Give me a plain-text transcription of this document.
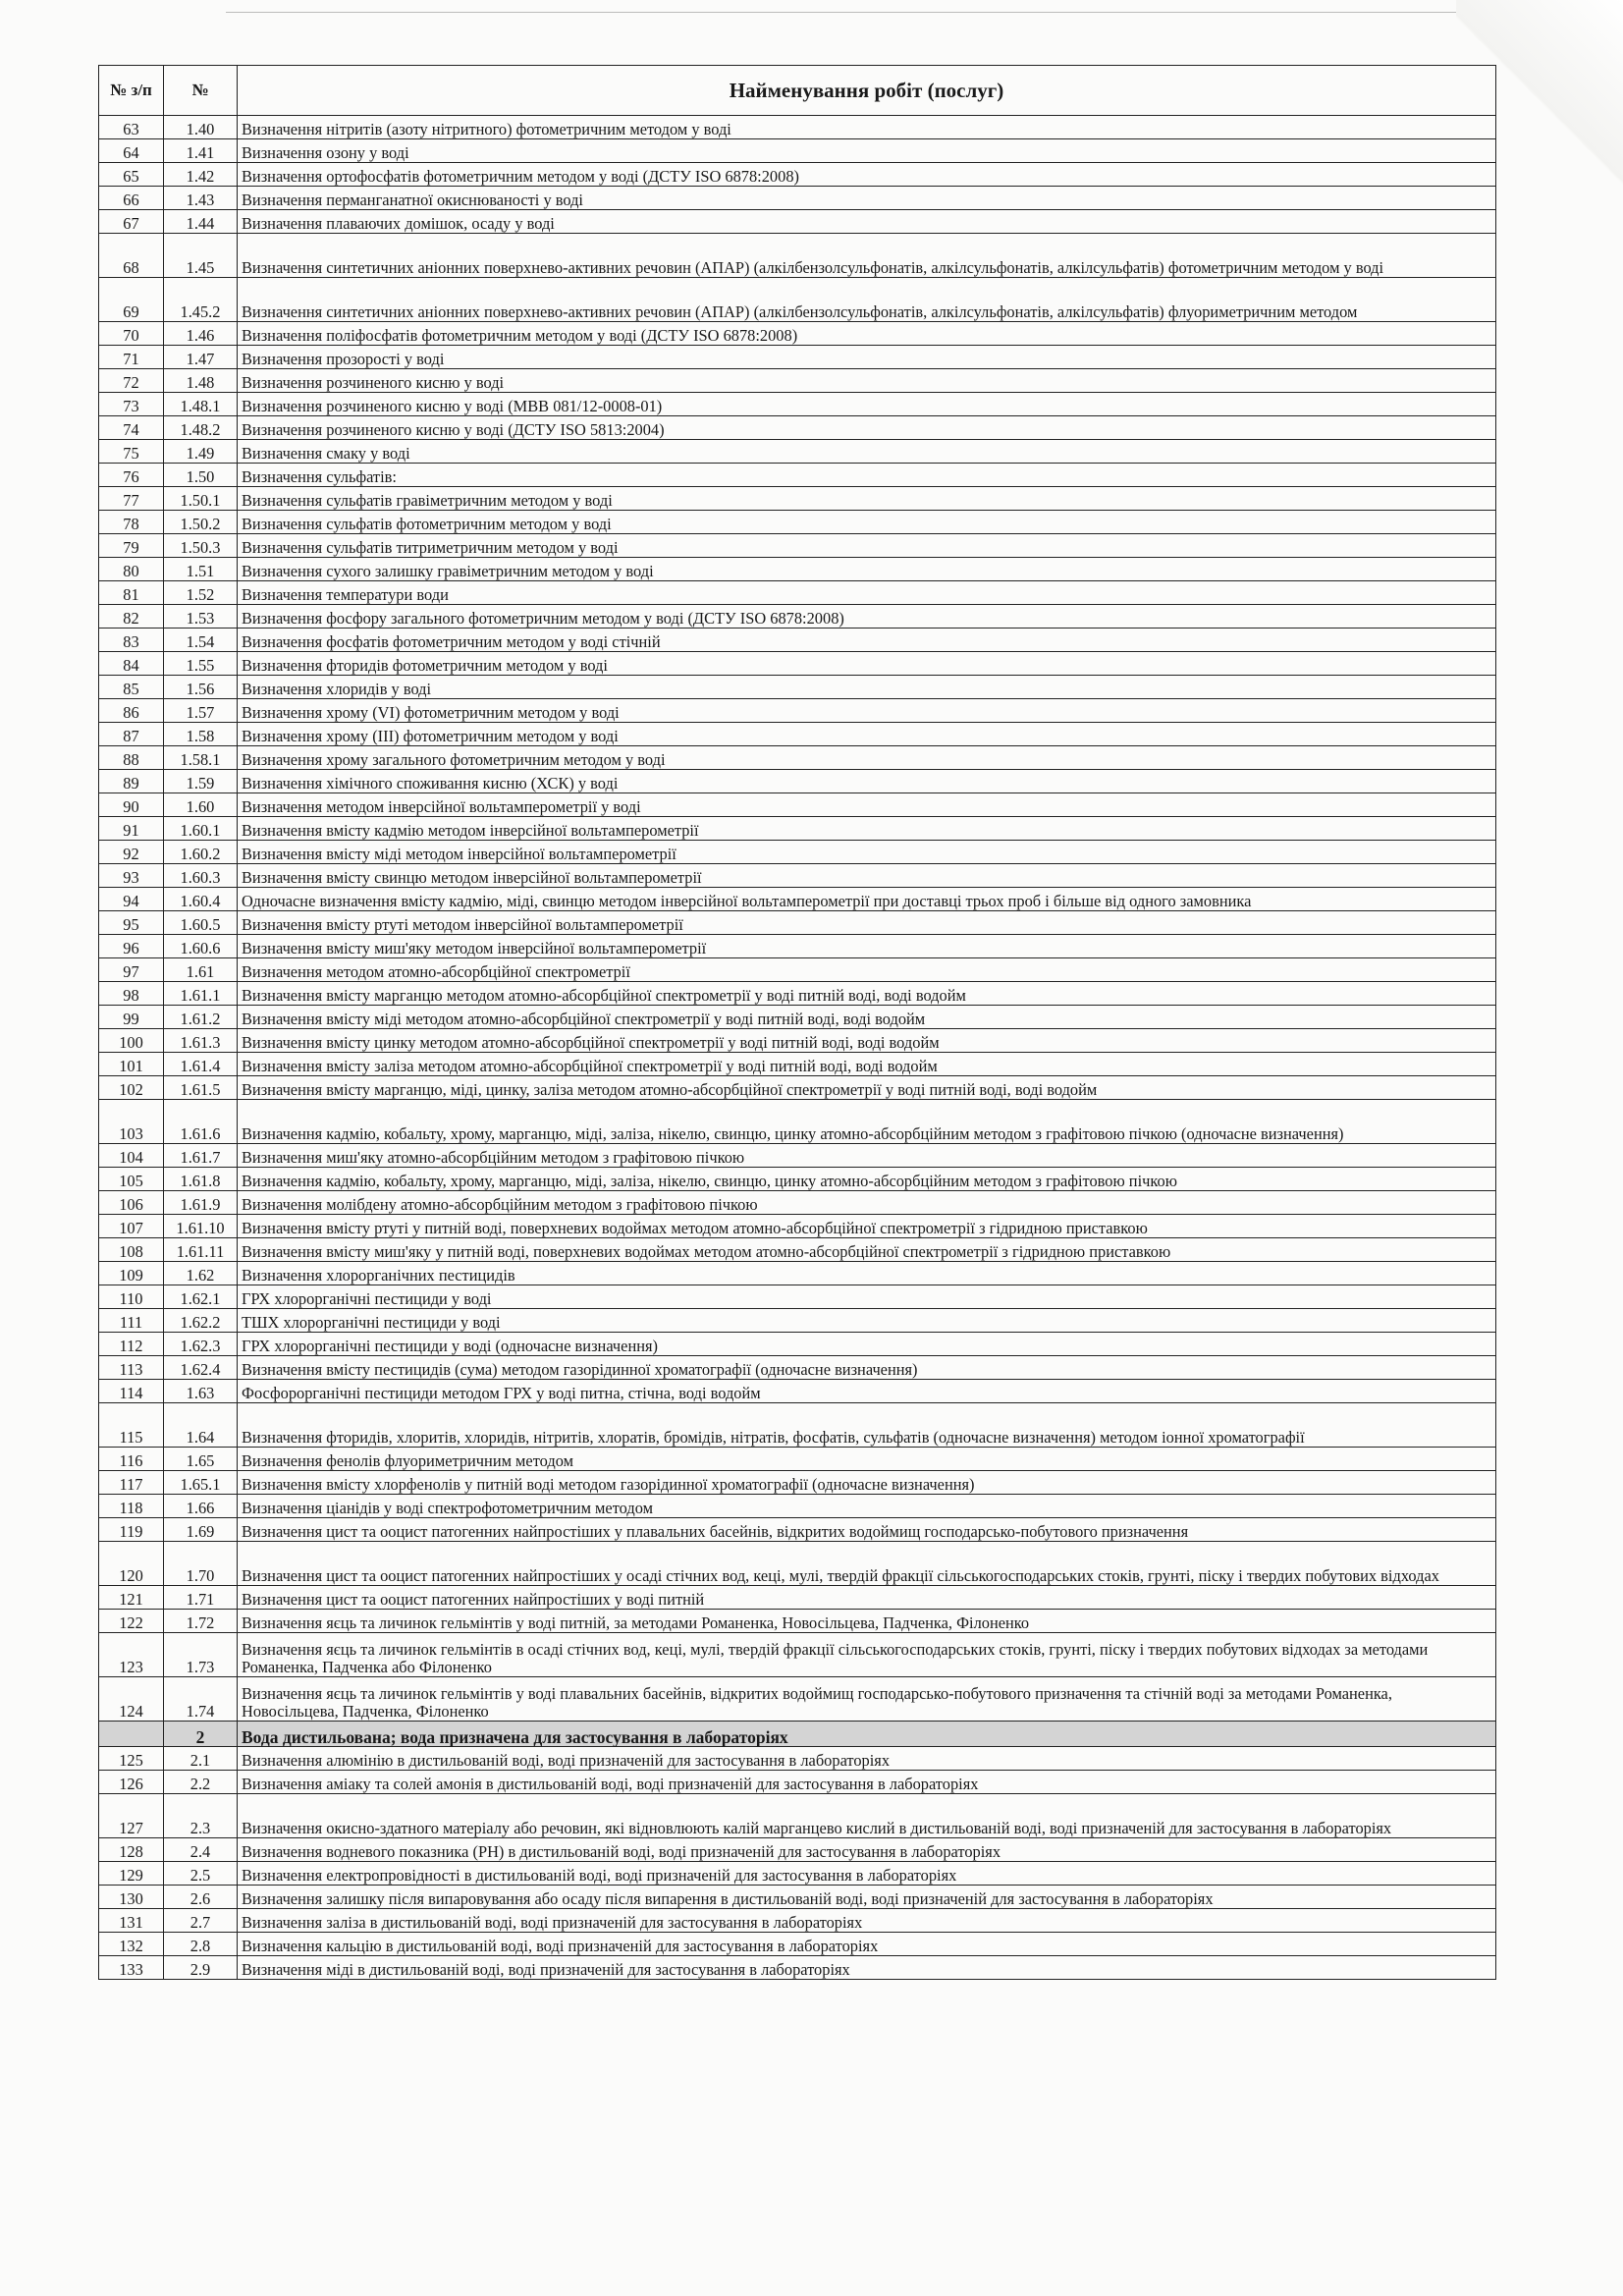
№ з/п	№	Найменування робіт (послуг)
63	1.40	Визначення нітритів (азоту нітритного) фотометричним методом у воді
64	1.41	Визначення озону у воді
65	1.42	Визначення ортофосфатів фотометричним методом у воді (ДСТУ ISO 6878:2008)
66	1.43	Визначення перманганатної окиснюваності у воді
67	1.44	Визначення плаваючих домішок, осаду у воді
68	1.45	Визначення синтетичних аніонних поверхнево-активних речовин (АПАР) (алкілбензолсульфонатів, алкілсульфонатів, алкілсульфатів) фотометричним методом у воді
69	1.45.2	Визначення синтетичних аніонних поверхнево-активних речовин (АПАР) (алкілбензолсульфонатів, алкілсульфонатів, алкілсульфатів) флуориметричним методом
70	1.46	Визначення поліфосфатів фотометричним методом у воді (ДСТУ ISO 6878:2008)
71	1.47	Визначення прозорості у воді
72	1.48	Визначення розчиненого кисню у воді
73	1.48.1	Визначення розчиненого кисню у воді (МВВ 081/12-0008-01)
74	1.48.2	Визначення розчиненого кисню у воді (ДСТУ ISO 5813:2004)
75	1.49	Визначення смаку у воді
76	1.50	Визначення сульфатів:
77	1.50.1	Визначення сульфатів гравіметричним методом у воді
78	1.50.2	Визначення сульфатів фотометричним методом у воді
79	1.50.3	Визначення сульфатів титриметричним методом у воді
80	1.51	Визначення сухого залишку гравіметричним методом у воді
81	1.52	Визначення температури води
82	1.53	Визначення фосфору загального фотометричним методом у воді (ДСТУ ISO 6878:2008)
83	1.54	Визначення фосфатів фотометричним методом у воді стічній
84	1.55	Визначення фторидів фотометричним методом у воді
85	1.56	Визначення хлоридів у воді
86	1.57	Визначення хрому (VI) фотометричним методом у воді
87	1.58	Визначення хрому (III) фотометричним методом у воді
88	1.58.1	Визначення хрому загального фотометричним методом у воді
89	1.59	Визначення хімічного споживання кисню (ХСК) у воді
90	1.60	Визначення методом інверсійної вольтамперометрії у воді
91	1.60.1	Визначення вмісту кадмію методом інверсійної вольтамперометрії
92	1.60.2	Визначення вмісту міді методом інверсійної вольтамперометрії
93	1.60.3	Визначення вмісту свинцю методом інверсійної вольтамперометрії
94	1.60.4	Одночасне визначення вмісту кадмію, міді, свинцю методом інверсійної вольтамперометрії при доставці трьох проб і більше від одного замовника
95	1.60.5	Визначення вмісту ртуті методом інверсійної вольтамперометрії
96	1.60.6	Визначення вмісту миш'яку методом інверсійної вольтамперометрії
97	1.61	Визначення методом атомно-абсорбційної спектрометрії
98	1.61.1	Визначення вмісту марганцю методом атомно-абсорбційної спектрометрії у воді питній воді, воді водойм
99	1.61.2	Визначення вмісту міді методом атомно-абсорбційної спектрометрії у воді питній воді, воді водойм
100	1.61.3	Визначення вмісту цинку методом атомно-абсорбційної спектрометрії у воді питній воді, воді водойм
101	1.61.4	Визначення вмісту заліза методом атомно-абсорбційної спектрометрії у воді питній воді, воді водойм
102	1.61.5	Визначення вмісту марганцю, міді, цинку, заліза методом атомно-абсорбційної спектрометрії у воді питній воді, воді водойм
103	1.61.6	Визначення кадмію, кобальту, хрому, марганцю, міді, заліза, нікелю, свинцю, цинку атомно-абсорбційним методом з графітовою пічкою (одночасне визначення)
104	1.61.7	Визначення миш'яку атомно-абсорбційним методом з графітовою пічкою
105	1.61.8	Визначення кадмію, кобальту, хрому, марганцю, міді, заліза, нікелю, свинцю, цинку атомно-абсорбційним методом з графітовою пічкою
106	1.61.9	Визначення молібдену атомно-абсорбційним методом з графітовою пічкою
107	1.61.10	Визначення вмісту ртуті у питній воді, поверхневих водоймах методом атомно-абсорбційної спектрометрії з гідридною приставкою
108	1.61.11	Визначення вмісту миш'яку у питній воді, поверхневих водоймах методом атомно-абсорбційної спектрометрії з гідридною приставкою
109	1.62	Визначення хлорорганічних пестицидів
110	1.62.1	ГРХ хлорорганічні пестициди у воді
111	1.62.2	ТШХ хлорорганічні пестициди у воді
112	1.62.3	ГРХ хлорорганічні пестициди у воді (одночасне визначення)
113	1.62.4	Визначення вмісту пестицидів (сума) методом газорідинної хроматографії (одночасне визначення)
114	1.63	Фосфорорганічні пестициди методом ГРХ у воді питна, стічна, воді водойм
115	1.64	Визначення фторидів, хлоритів, хлоридів, нітритів, хлоратів, бромідів, нітратів, фосфатів, сульфатів (одночасне визначення) методом іонної хроматографії
116	1.65	Визначення фенолів флуориметричним методом
117	1.65.1	Визначення вмісту хлорфенолів у питній воді методом газорідинної хроматографії (одночасне визначення)
118	1.66	Визначення ціанідів у воді спектрофотометричним методом
119	1.69	Визначення цист та ооцист патогенних найпростіших у плавальних басейнів, відкритих водоймищ господарсько-побутового призначення
120	1.70	Визначення цист та ооцист патогенних найпростіших у осаді стічних вод, кеці, мулі, твердій фракції сільськогосподарських стоків, грунті, піску і твердих побутових відходах
121	1.71	Визначення цист та ооцист патогенних найпростіших у воді питній
122	1.72	Визначення яєць та личинок гельмінтів у воді питній, за методами Романенка, Новосільцева, Падченка, Філоненко
123	1.73	Визначення яєць та личинок гельмінтів в осаді стічних вод, кеці, мулі, твердій фракції сільськогосподарських стоків, грунті, піску і твердих побутових відходах за методами Романенка, Падченка або Філоненко
124	1.74	Визначення яєць та личинок гельмінтів у воді плавальних басейнів, відкритих водоймищ господарсько-побутового призначення та стічній воді за методами Романенка, Новосільцева, Падченка, Філоненко
	2	Вода дистильована; вода призначена для застосування в лабораторіях
125	2.1	Визначення алюмінію в дистильованій воді, воді призначеній для застосування в лабораторіях
126	2.2	Визначення аміаку та солей амонія в дистильованій воді, воді призначеній для застосування в лабораторіях
127	2.3	Визначення окисно-здатного матеріалу або речовин, які відновлюють калій марганцево кислий в дистильованій воді, воді призначеній для застосування в лабораторіях
128	2.4	Визначення водневого показника (РН) в дистильованій воді, воді призначеній для застосування в лабораторіях
129	2.5	Визначення електропровідності в дистильованій воді, воді призначеній для застосування в лабораторіях
130	2.6	Визначення залишку після випаровування або осаду після випарення в дистильованій воді, воді призначеній для застосування в лабораторіях
131	2.7	Визначення заліза в дистильованій воді, воді призначеній для застосування в лабораторіях
132	2.8	Визначення кальцію в дистильованій воді, воді призначеній для застосування в лабораторіях
133	2.9	Визначення міді в дистильованій воді, воді призначеній для застосування в лабораторіях
